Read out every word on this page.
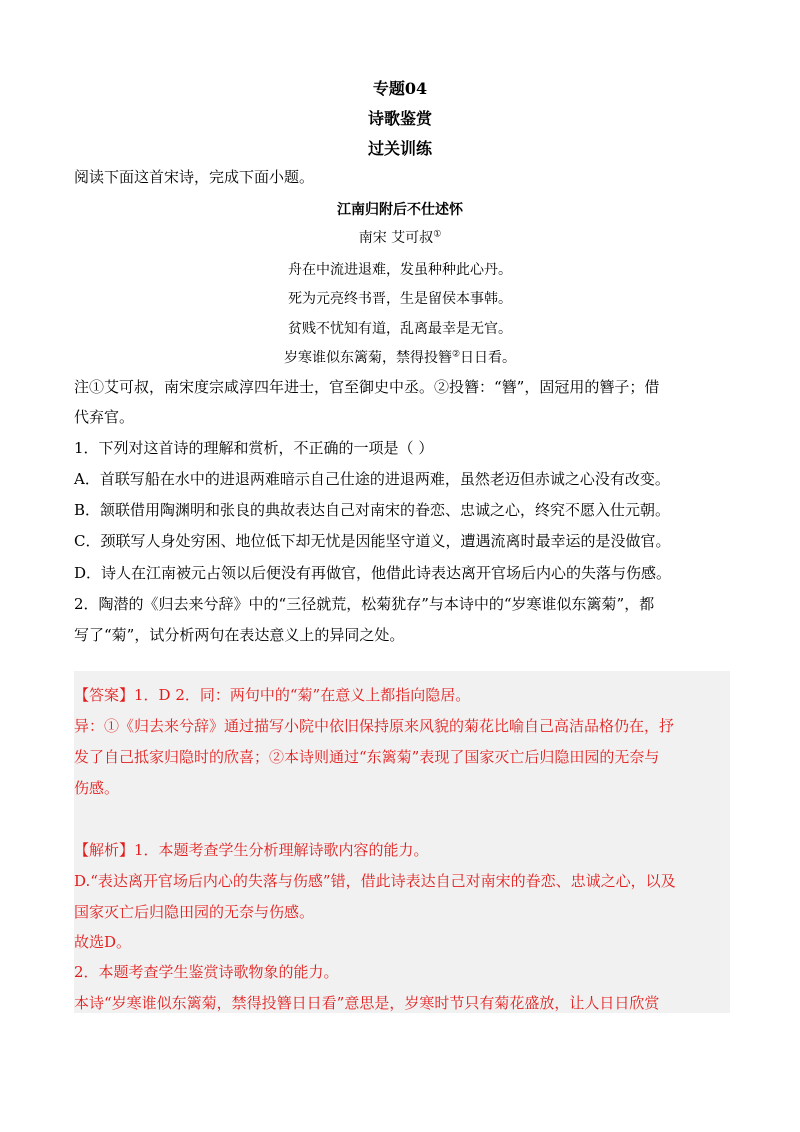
专题04
诗歌鉴赏
过关训练
阅读下面这首宋诗，完成下面小题。
江南归附后不仕述怀
南宋 艾可叔①
舟在中流进退难，发虽种种此心丹。
死为元亮终书晋，生是留侯本事韩。
贫贱不忧知有道，乱离最幸是无官。
岁寒谁似东篱菊，禁得投簪②日日看。
注①艾可叔，南宋度宗咸淳四年进士，官至御史中丞。②投簪：“簪”，固冠用的簪子；借
代弃官。
1．下列对这首诗的理解和赏析，不正确的一项是（ ）
A．首联写船在水中的进退两难暗示自己仕途的进退两难，虽然老迈但赤诚之心没有改变。
B．颔联借用陶渊明和张良的典故表达自己对南宋的眷恋、忠诚之心，终究不愿入仕元朝。
C．颈联写人身处穷困、地位低下却无忧是因能坚守道义，遭遇流离时最幸运的是没做官。
D．诗人在江南被元占领以后便没有再做官，他借此诗表达离开官场后内心的失落与伤感。
2．陶潜的《归去来兮辞》中的“三径就荒，松菊犹存”与本诗中的“岁寒谁似东篱菊”，都
写了“菊”，试分析两句在表达意义上的异同之处。
【答案】1．D 2．同：两句中的“菊”在意义上都指向隐居。
异：①《归去来兮辞》通过描写小院中依旧保持原来风貌的菊花比喻自己高洁品格仍在，抒
发了自己抵家归隐时的欣喜；②本诗则通过“东篱菊”表现了国家灭亡后归隐田园的无奈与
伤感。
【解析】1．本题考查学生分析理解诗歌内容的能力。
D.“表达离开官场后内心的失落与伤感”错，借此诗表达自己对南宋的眷恋、忠诚之心，以及
国家灭亡后归隐田园的无奈与伤感。
故选D。
2．本题考查学生鉴赏诗歌物象的能力。
本诗“岁寒谁似东篱菊，禁得投簪日日看”意思是，岁寒时节只有菊花盛放，让人日日欣赏
